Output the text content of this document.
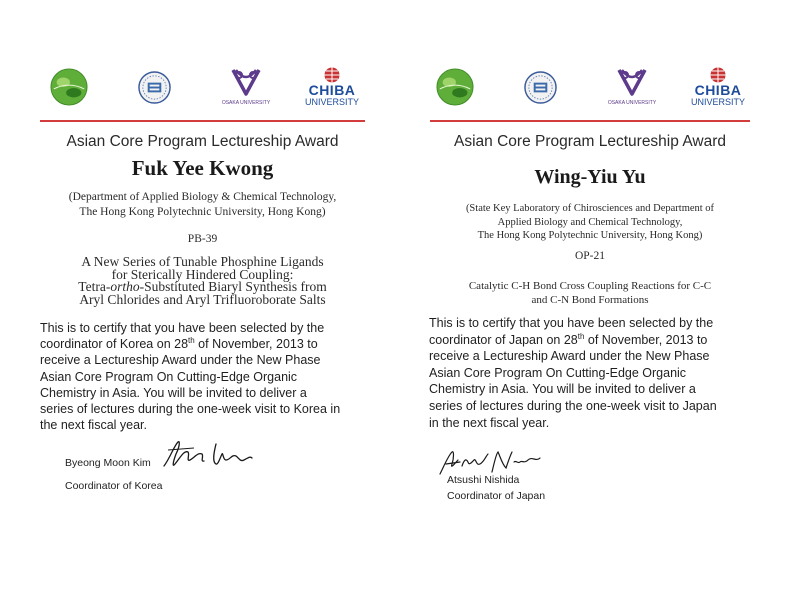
OSAKA UNIVERSITY
CHIBA
UNIVERSITY
Asian Core Program Lectureship Award
Fuk Yee Kwong
(Department of Applied Biology & Chemical Technology,
The Hong Kong Polytechnic University, Hong Kong)
PB-39
A New Series of Tunable Phosphine Ligands
for Sterically Hindered Coupling:
Tetra-ortho-Substituted Biaryl Synthesis from
Aryl Chlorides and Aryl Trifluoroborate Salts
This is to certify that you have been selected by the
coordinator of Korea on 28th of November, 2013 to
receive a Lectureship Award under the New Phase
Asian Core Program On Cutting-Edge Organic
Chemistry in Asia. You will be invited to deliver a
series of lectures during the one-week visit to Korea in
the next fiscal year.
Byeong Moon Kim
Coordinator of Korea
OSAKA UNIVERSITY
CHIBA
UNIVERSITY
Asian Core Program Lectureship Award
Wing-Yiu Yu
(State Key Laboratory of Chirosciences and Department of
Applied Biology and Chemical Technology,
The Hong Kong Polytechnic University, Hong Kong)
OP-21
Catalytic C-H Bond Cross Coupling Reactions for C-C
and C-N Bond Formations
This is to certify that you have been selected by the
coordinator of Japan on 28th of November, 2013 to
receive a Lectureship Award under the New Phase
Asian Core Program On Cutting-Edge Organic
Chemistry in Asia. You will be invited to deliver a
series of lectures during the one-week visit to Japan
in the next fiscal year.
Atsushi Nishida
Coordinator of Japan
